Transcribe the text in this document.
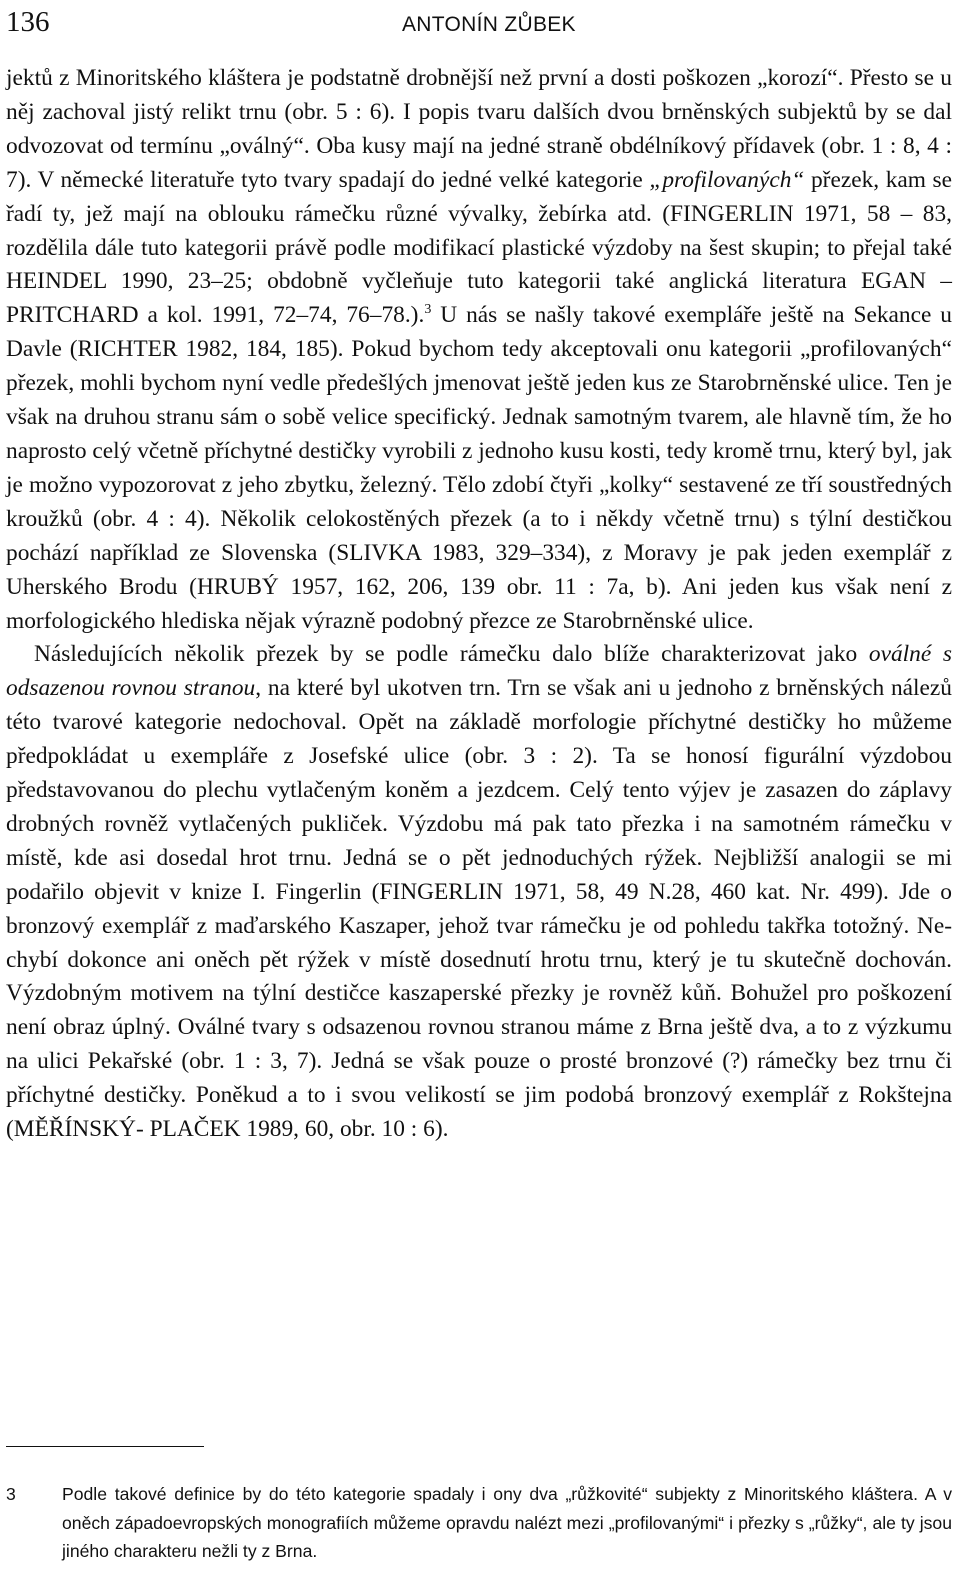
136	ANTONÍN ZŮBEK

jektů z Minoritského kláštera je podstatně drobnější než první a dosti poškozen „korozí“. Přesto se u něj zachoval jistý relikt trnu (obr. 5 : 6). I popis tvaru dalších dvou brněnských subjektů by se dal odvozovat od termínu „oválný“. Oba kusy mají na jedné straně obdélníkový přídavek (obr. 1 : 8, 4 : 7). V německé literatuře tyto tvary spadají do jedné velké kategorie „profilovaných“ přezek, kam se řadí ty, jež mají na oblouku rámečku různé vývalky, žebírka atd. (FINGERLIN 1971, 58 – 83, rozdělila dále tuto kategorii právě podle modifikací plastické výzdoby na šest skupin; to přejal také HEINDEL 1990, 23–25; obdobně vyčleňuje tuto kategorii také anglická literatura EGAN – PRITCHARD a kol. 1991, 72–74, 76–78.).$^3$ U nás se našly takové exempláře ještě na Sekance u Davle (RICHTER 1982, 184, 185). Pokud bychom tedy akceptovali onu kategorii „profilovaných“ přezek, mohli bychom nyní vedle předešlých jmenovat ještě jeden kus ze Starobrněnské ulice. Ten je však na druhou stranu sám o sobě velice specifický. Jednak samotným tvarem, ale hlavně tím, že ho naprosto celý včetně příchytné destičky vyrobili z jednoho kusu kosti, tedy kromě trnu, který byl, jak je možno vypozorovat z jeho zbytku, železný. Tělo zdobí čtyři „kolky“ sestavené ze tří soustředných kroužků (obr. 4 : 4). Několik celokostěných přezek (a to i někdy včetně trnu) s týlní destičkou pochází například ze Slovenska (SLIVKA 1983, 329–334), z Moravy je pak jeden exemplář z Uherského Brodu (HRUBÝ 1957, 162, 206, 139 obr. 11 : 7a, b). Ani jeden kus však není z morfologického hlediska nějak výrazně podobný přezce ze Starobrněnské ulice.

Následujících několik přezek by se podle rámečku dalo blíže charakterizovat jako oválné s odsazenou rovnou stranou, na které byl ukotven trn. Trn se však ani u jednoho z brněnských nálezů této tvarové kategorie nedochoval. Opět na základě morfologie příchytné destičky ho můžeme předpokládat u exempláře z Josefské ulice (obr. 3 : 2). Ta se honosí figurální výzdobou představovanou do plechu vytlačeným koněm a jezdcem. Celý tento výjev je zasazen do záplavy drobných rovněž vytlačených pukliček. Výzdobu má pak tato přezka i na samotném rámečku v místě, kde asi dosedal hrot trnu. Jedná se o pět jednoduchých rýžek. Nejbližší analogii se mi podařilo objevit v knize I. Fingerlin (FINGERLIN 1971, 58, 49 N.28, 460 kat. Nr. 499). Jde o bronzový exemplář z maďarského Kaszaper, jehož tvar rámečku je od pohledu takřka totožný. Nechybí dokonce ani oněch pět rýžek v místě dosednutí hrotu trnu, který je tu skutečně dochován. Výzdobným motivem na týlní destičce kaszaperské přezky je rovněž kůň. Bohužel pro poškození není obraz úplný. Oválné tvary s odsazenou rovnou stranou máme z Brna ještě dva, a to z výzkumu na ulici Pekařské (obr. 1 : 3, 7). Jedná se však pouze o prosté bronzové (?) rámečky bez trnu či příchytné destičky. Poněkud a to i svou velikostí se jim podobá bronzový exemplář z Rokštejna (MĚŘÍNSKÝ- PLAČEK 1989, 60, obr. 10 : 6).

3	Podle takové definice by do této kategorie spadaly i ony dva „růžkovité“ subjekty z Minoritského kláštera. A v oněch západoevropských monografiích můžeme opravdu nalézt mezi „profilovanými“ i přezky s „růžky“, ale ty jsou jiného charakteru nežli ty z Brna.
